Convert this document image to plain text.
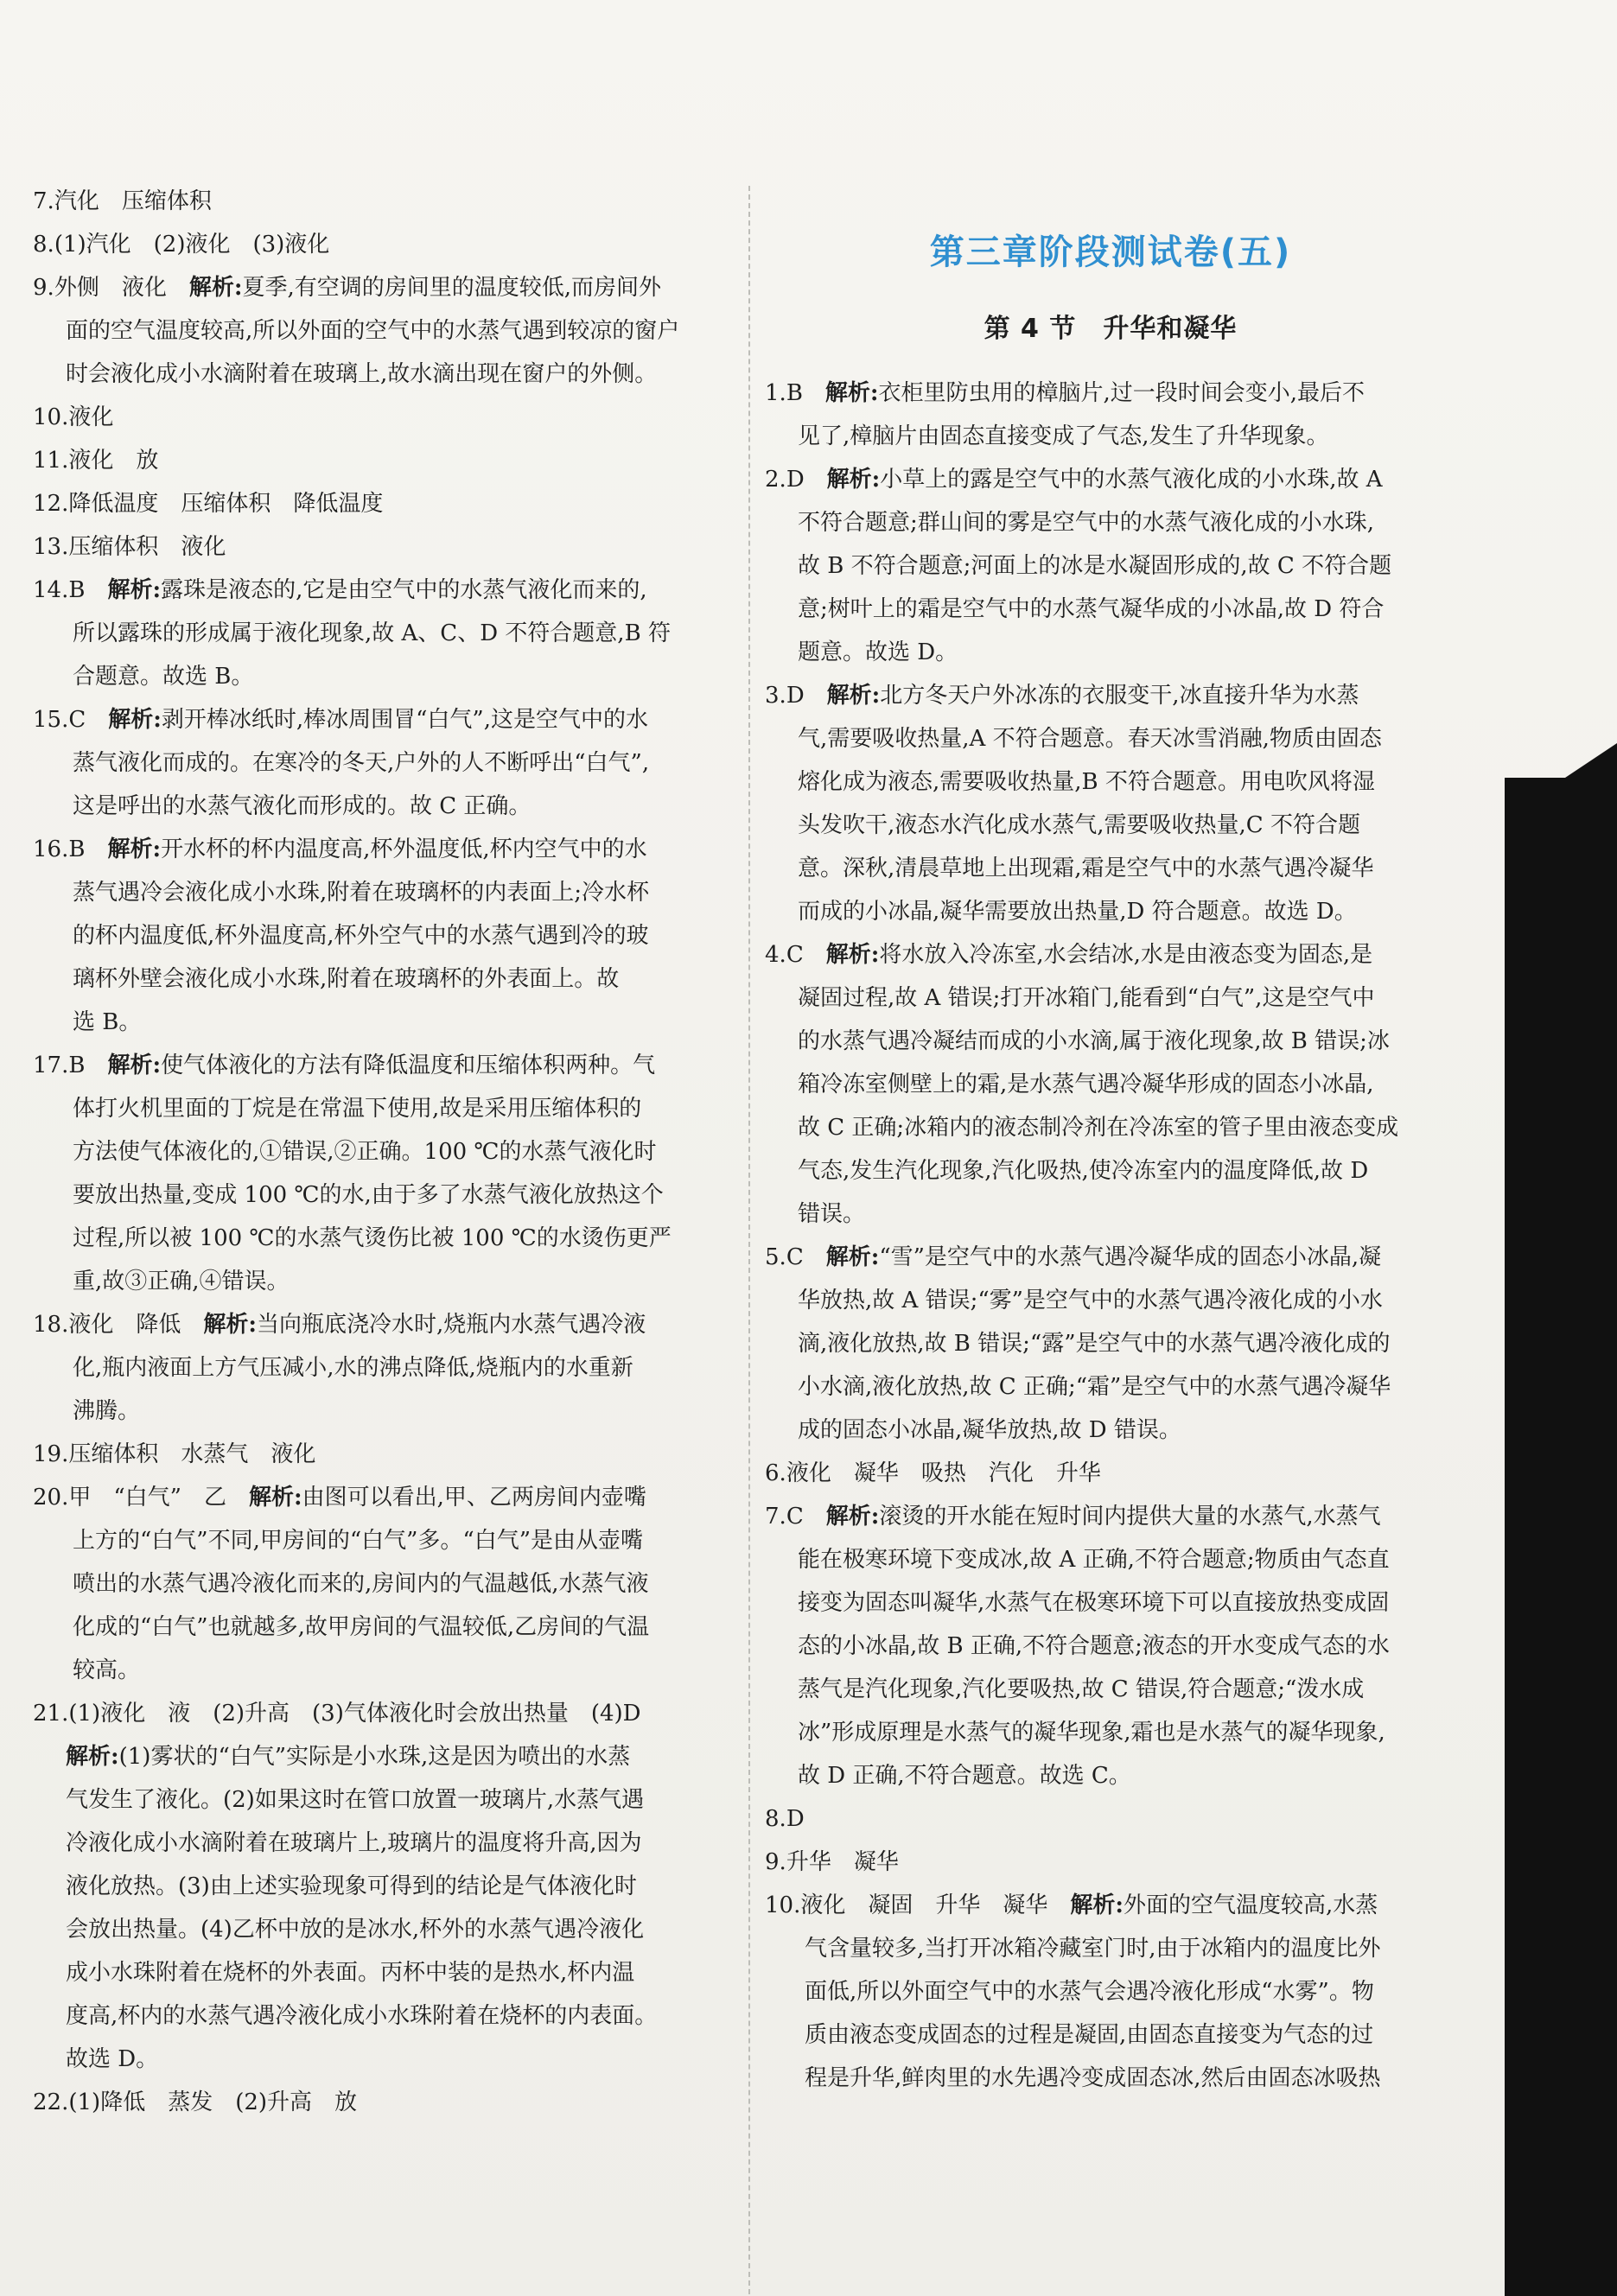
7.汽化　压缩体积
8.(1)汽化　(2)液化　(3)液化
9.外侧　液化　解析:夏季,有空调的房间里的温度较低,而房间外
面的空气温度较高,所以外面的空气中的水蒸气遇到较凉的窗户
时会液化成小水滴附着在玻璃上,故水滴出现在窗户的外侧。
10.液化
11.液化　放
12.降低温度　压缩体积　降低温度
13.压缩体积　液化
14.B　解析:露珠是液态的,它是由空气中的水蒸气液化而来的,
所以露珠的形成属于液化现象,故 A、C、D 不符合题意,B 符
合题意。故选 B。
15.C　解析:剥开棒冰纸时,棒冰周围冒“白气”,这是空气中的水
蒸气液化而成的。在寒冷的冬天,户外的人不断呼出“白气”,
这是呼出的水蒸气液化而形成的。故 C 正确。
16.B　解析:开水杯的杯内温度高,杯外温度低,杯内空气中的水
蒸气遇冷会液化成小水珠,附着在玻璃杯的内表面上;冷水杯
的杯内温度低,杯外温度高,杯外空气中的水蒸气遇到冷的玻
璃杯外壁会液化成小水珠,附着在玻璃杯的外表面上。故
选 B。
17.B　解析:使气体液化的方法有降低温度和压缩体积两种。气
体打火机里面的丁烷是在常温下使用,故是采用压缩体积的
方法使气体液化的,①错误,②正确。100 ℃的水蒸气液化时
要放出热量,变成 100 ℃的水,由于多了水蒸气液化放热这个
过程,所以被 100 ℃的水蒸气烫伤比被 100 ℃的水烫伤更严
重,故③正确,④错误。
18.液化　降低　解析:当向瓶底浇冷水时,烧瓶内水蒸气遇冷液
化,瓶内液面上方气压减小,水的沸点降低,烧瓶内的水重新
沸腾。
19.压缩体积　水蒸气　液化
20.甲　“白气”　乙　解析:由图可以看出,甲、乙两房间内壶嘴
上方的“白气”不同,甲房间的“白气”多。“白气”是由从壶嘴
喷出的水蒸气遇冷液化而来的,房间内的气温越低,水蒸气液
化成的“白气”也就越多,故甲房间的气温较低,乙房间的气温
较高。
21.(1)液化　液　(2)升高　(3)气体液化时会放出热量　(4)D
解析:(1)雾状的“白气”实际是小水珠,这是因为喷出的水蒸
气发生了液化。(2)如果这时在管口放置一玻璃片,水蒸气遇
冷液化成小水滴附着在玻璃片上,玻璃片的温度将升高,因为
液化放热。(3)由上述实验现象可得到的结论是气体液化时
会放出热量。(4)乙杯中放的是冰水,杯外的水蒸气遇冷液化
成小水珠附着在烧杯的外表面。丙杯中装的是热水,杯内温
度高,杯内的水蒸气遇冷液化成小水珠附着在烧杯的内表面。
故选 D。
22.(1)降低　蒸发　(2)升高　放
第三章阶段测试卷(五)
第 4 节　升华和凝华
1.B　解析:衣柜里防虫用的樟脑片,过一段时间会变小,最后不
见了,樟脑片由固态直接变成了气态,发生了升华现象。
2.D　解析:小草上的露是空气中的水蒸气液化成的小水珠,故 A
不符合题意;群山间的雾是空气中的水蒸气液化成的小水珠,
故 B 不符合题意;河面上的冰是水凝固形成的,故 C 不符合题
意;树叶上的霜是空气中的水蒸气凝华成的小冰晶,故 D 符合
题意。故选 D。
3.D　解析:北方冬天户外冰冻的衣服变干,冰直接升华为水蒸
气,需要吸收热量,A 不符合题意。春天冰雪消融,物质由固态
熔化成为液态,需要吸收热量,B 不符合题意。用电吹风将湿
头发吹干,液态水汽化成水蒸气,需要吸收热量,C 不符合题
意。深秋,清晨草地上出现霜,霜是空气中的水蒸气遇冷凝华
而成的小冰晶,凝华需要放出热量,D 符合题意。故选 D。
4.C　解析:将水放入冷冻室,水会结冰,水是由液态变为固态,是
凝固过程,故 A 错误;打开冰箱门,能看到“白气”,这是空气中
的水蒸气遇冷凝结而成的小水滴,属于液化现象,故 B 错误;冰
箱冷冻室侧壁上的霜,是水蒸气遇冷凝华形成的固态小冰晶,
故 C 正确;冰箱内的液态制冷剂在冷冻室的管子里由液态变成
气态,发生汽化现象,汽化吸热,使冷冻室内的温度降低,故 D
错误。
5.C　解析:“雪”是空气中的水蒸气遇冷凝华成的固态小冰晶,凝
华放热,故 A 错误;“雾”是空气中的水蒸气遇冷液化成的小水
滴,液化放热,故 B 错误;“露”是空气中的水蒸气遇冷液化成的
小水滴,液化放热,故 C 正确;“霜”是空气中的水蒸气遇冷凝华
成的固态小冰晶,凝华放热,故 D 错误。
6.液化　凝华　吸热　汽化　升华
7.C　解析:滚烫的开水能在短时间内提供大量的水蒸气,水蒸气
能在极寒环境下变成冰,故 A 正确,不符合题意;物质由气态直
接变为固态叫凝华,水蒸气在极寒环境下可以直接放热变成固
态的小冰晶,故 B 正确,不符合题意;液态的开水变成气态的水
蒸气是汽化现象,汽化要吸热,故 C 错误,符合题意;“泼水成
冰”形成原理是水蒸气的凝华现象,霜也是水蒸气的凝华现象,
故 D 正确,不符合题意。故选 C。
8.D
9.升华　凝华
10.液化　凝固　升华　凝华　解析:外面的空气温度较高,水蒸
气含量较多,当打开冰箱冷藏室门时,由于冰箱内的温度比外
面低,所以外面空气中的水蒸气会遇冷液化形成“水雾”。物
质由液态变成固态的过程是凝固,由固态直接变为气态的过
程是升华,鲜肉里的水先遇冷变成固态冰,然后由固态冰吸热
